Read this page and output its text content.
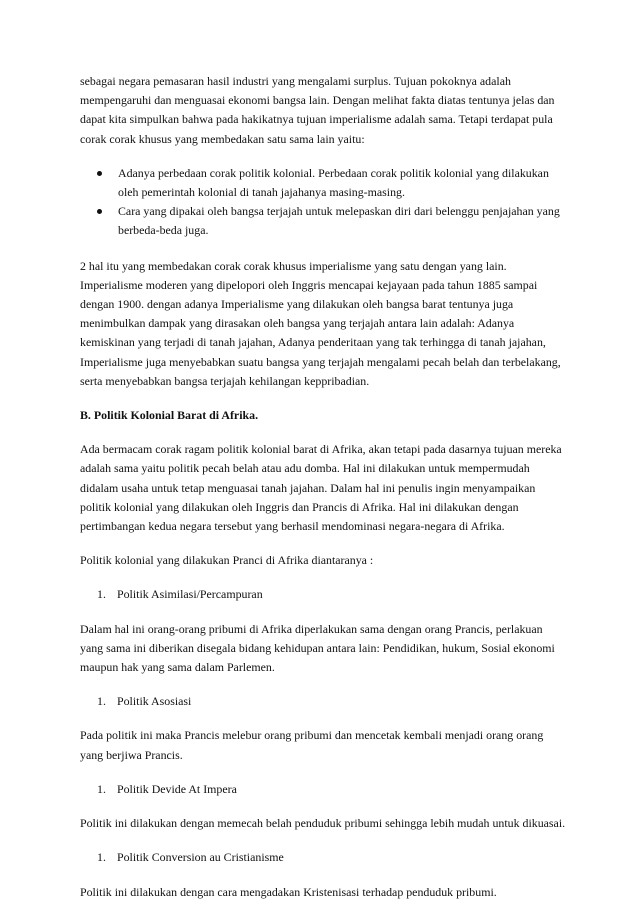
sebagai negara pemasaran hasil industri yang mengalami surplus. Tujuan pokoknya adalah mempengaruhi dan menguasai ekonomi bangsa lain. Dengan melihat fakta diatas tentunya jelas dan dapat kita simpulkan bahwa pada hakikatnya tujuan imperialisme adalah sama. Tetapi terdapat pula corak corak khusus yang membedakan satu sama lain yaitu:

Adanya perbedaan corak politik kolonial. Perbedaan corak politik kolonial yang dilakukan oleh pemerintah kolonial di tanah jajahanya masing-masing.
Cara yang dipakai oleh bangsa terjajah untuk melepaskan diri dari belenggu penjajahan yang berbeda-beda juga.

2 hal itu yang membedakan corak corak khusus imperialisme yang satu dengan yang lain. Imperialisme moderen yang dipelopori oleh Inggris mencapai kejayaan pada tahun 1885 sampai dengan 1900. dengan adanya Imperialisme yang dilakukan oleh bangsa barat tentunya juga menimbulkan dampak yang dirasakan oleh bangsa yang terjajah antara lain adalah: Adanya kemiskinan yang terjadi di tanah jajahan, Adanya penderitaan yang tak terhingga di tanah jajahan, Imperialisme juga menyebabkan suatu bangsa yang terjajah mengalami pecah belah dan terbelakang, serta menyebabkan bangsa terjajah kehilangan keppribadian.

B. Politik Kolonial Barat di Afrika.

Ada bermacam corak ragam politik kolonial barat di Afrika, akan tetapi pada dasarnya tujuan mereka adalah sama yaitu politik pecah belah atau adu domba. Hal ini dilakukan untuk mempermudah didalam usaha untuk tetap menguasai tanah jajahan. Dalam hal ini penulis ingin menyampaikan politik kolonial yang dilakukan oleh Inggris dan Prancis di Afrika. Hal ini dilakukan dengan pertimbangan kedua negara tersebut yang berhasil mendominasi negara-negara di Afrika.

Politik kolonial yang dilakukan Pranci di Afrika diantaranya :

1. Politik Asimilasi/Percampuran

Dalam hal ini orang-orang pribumi di Afrika diperlakukan sama dengan orang Prancis, perlakuan yang sama ini diberikan disegala bidang kehidupan antara lain: Pendidikan, hukum, Sosial ekonomi maupun hak yang sama dalam Parlemen.

1. Politik Asosiasi

Pada politik ini maka Prancis melebur orang pribumi dan mencetak kembali menjadi orang orang yang berjiwa Prancis.

1. Politik Devide At Impera

Politik ini dilakukan dengan memecah belah penduduk pribumi sehingga lebih mudah untuk dikuasai.

1. Politik Conversion au Cristianisme

Politik ini dilakukan dengan cara mengadakan Kristenisasi terhadap penduduk pribumi.
